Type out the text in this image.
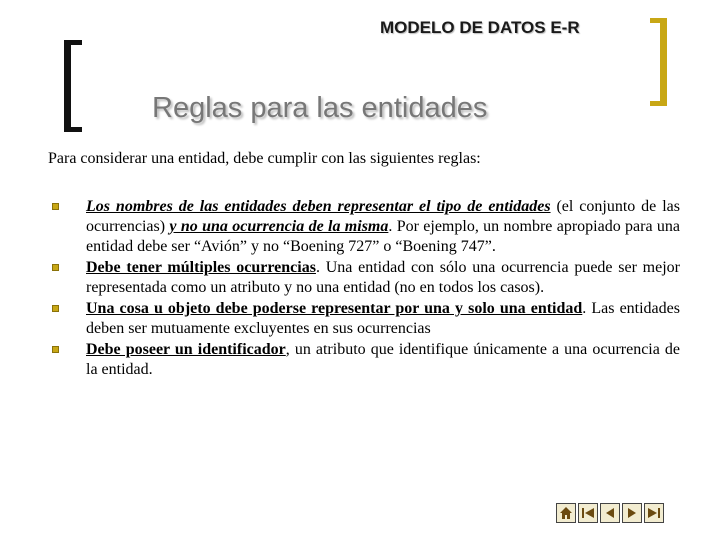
MODELO DE DATOS E-R
Reglas para las entidades
Para considerar una entidad, debe cumplir con las siguientes reglas:
Los nombres de las entidades deben representar el tipo de entidades (el conjunto de las ocurrencias) y no una ocurrencia de la misma. Por ejemplo, un nombre apropiado para una entidad debe ser “Avión” y no “Boening 727” o “Boening 747”.
Debe tener múltiples ocurrencias. Una entidad con sólo una ocurrencia puede ser mejor representada como un atributo y no una entidad (no en todos los casos).
Una cosa u objeto debe poderse representar por una y solo una entidad. Las entidades deben ser mutuamente excluyentes en sus ocurrencias
Debe poseer un identificador, un atributo que identifique únicamente a una ocurrencia de la entidad.
